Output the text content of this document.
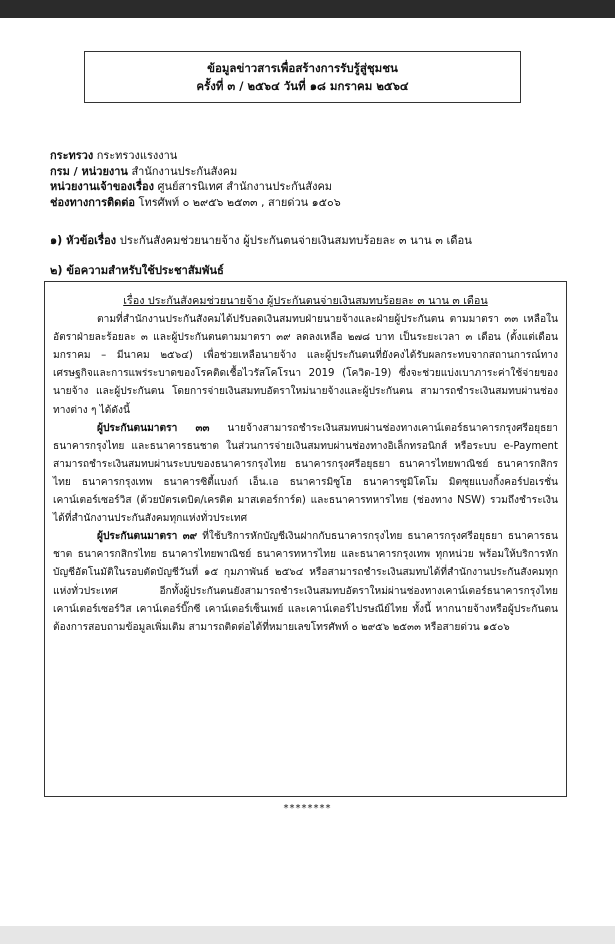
ข้อมูลข่าวสารเพื่อสร้างการรับรู้สู่ชุมชน
ครั้งที่ ๓ / ๒๕๖๔ วันที่ ๑๘ มกราคม ๒๕๖๔
กระทรวง กระทรวงแรงงาน
กรม / หน่วยงาน สำนักงานประกันสังคม
หน่วยงานเจ้าของเรื่อง ศูนย์สารนิเทศ สำนักงานประกันสังคม
ช่องทางการติดต่อ โทรศัพท์ ๐ ๒๙๕๖ ๒๕๓๓ , สายด่วน ๑๕๐๖
๑) หัวข้อเรื่อง ประกันสังคมช่วยนายจ้าง ผู้ประกันตนจ่ายเงินสมทบร้อยละ ๓ นาน ๓ เดือน
๒) ข้อความสำหรับใช้ประชาสัมพันธ์
เรื่อง ประกันสังคมช่วยนายจ้าง ผู้ประกันตนจ่ายเงินสมทบร้อยละ ๓ นาน ๓ เดือน

ตามที่สำนักงานประกันสังคมได้ปรับลดเงินสมทบฝ่ายนายจ้างและฝ่ายผู้ประกันตน ตามมาตรา ๓๓ เหลือในอัตราฝ่ายละร้อยละ ๓ และผู้ประกันตนตามมาตรา ๓๙ ลดลงเหลือ ๒๗๘ บาท เป็นระยะเวลา ๓ เดือน (ตั้งแต่เดือนมกราคม – มีนาคม ๒๕๖๔) เพื่อช่วยเหลือนายจ้าง และผู้ประกันตนที่ยังคงได้รับผลกระทบจากสถานการณ์ทางเศรษฐกิจและการแพร่ระบาดของโรคติดเชื้อไวรัสโคโรนา 2019 (โควิด-19) ซึ่งจะช่วยแบ่งเบาภาระค่าใช้จ่ายของนายจ้าง และผู้ประกันตน โดยการจ่ายเงินสมทบอัตราใหม่นายจ้างและผู้ประกันตน สามารถชำระเงินสมทบผ่านช่องทางต่าง ๆ ได้ดังนี้

ผู้ประกันตนมาตรา ๓๓ นายจ้างสามารถชำระเงินสมทบผ่านช่องทางเคาน์เตอร์ธนาคารกรุงศรีอยุธยา ธนาคารกรุงไทย และธนาคารธนชาต ในส่วนการจ่ายเงินสมทบผ่านช่องทางอิเล็กทรอนิกส์ หรือระบบ e-Payment สามารถชำระเงินสมทบผ่านระบบของธนาคารกรุงไทย ธนาคารกรุงศรีอยุธยา ธนาคารไทยพาณิชย์ ธนาคารกสิกรไทย ธนาคารกรุงเทพ ธนาคารซิตี้แบงก์ เอ็น.เอ ธนาคารมิซูโฮ ธนาคารซูมิโตโม มิตซุยแบงกิ้งคอร์ปอเรชั่น เคาน์เตอร์เซอร์วิส (ด้วยบัตรเดบิต/เครดิต มาสเตอร์การ์ด) และธนาคารทหารไทย (ช่องทาง NSW) รวมถึงชำระเงินได้ที่สำนักงานประกันสังคมทุกแห่งทั่วประเทศ

ผู้ประกันตนมาตรา ๓๙ ที่ใช้บริการหักบัญชีเงินฝากกับธนาคารกรุงไทย ธนาคารกรุงศรีอยุธยา ธนาคารธนชาต ธนาคารกสิกรไทย ธนาคารไทยพาณิชย์ ธนาคารทหารไทย และธนาคารกรุงเทพ ทุกหน่วย พร้อมให้บริการหักบัญชีอัตโนมัติในรอบตัดบัญชีวันที่ ๑๕ กุมภาพันธ์ ๒๕๖๔ หรือสามารถชำระเงินสมทบได้ที่สำนักงานประกันสังคมทุกแห่งทั่วประเทศ อีกทั้งผู้ประกันตนยังสามารถชำระเงินสมทบอัตราใหม่ผ่านช่องทางเคาน์เตอร์ธนาคารกรุงไทย เคาน์เตอร์เซอร์วิส เคาน์เตอร์บิ๊กซี เคาน์เตอร์เซ็นเพย์ และเคาน์เตอร์ไปรษณีย์ไทย ทั้งนี้ หากนายจ้างหรือผู้ประกันตนต้องการสอบถามข้อมูลเพิ่มเติม สามารถติดต่อได้ที่หมายเลขโทรศัพท์ ๐ ๒๙๕๖ ๒๕๓๓ หรือสายด่วน ๑๕๐๖

********
